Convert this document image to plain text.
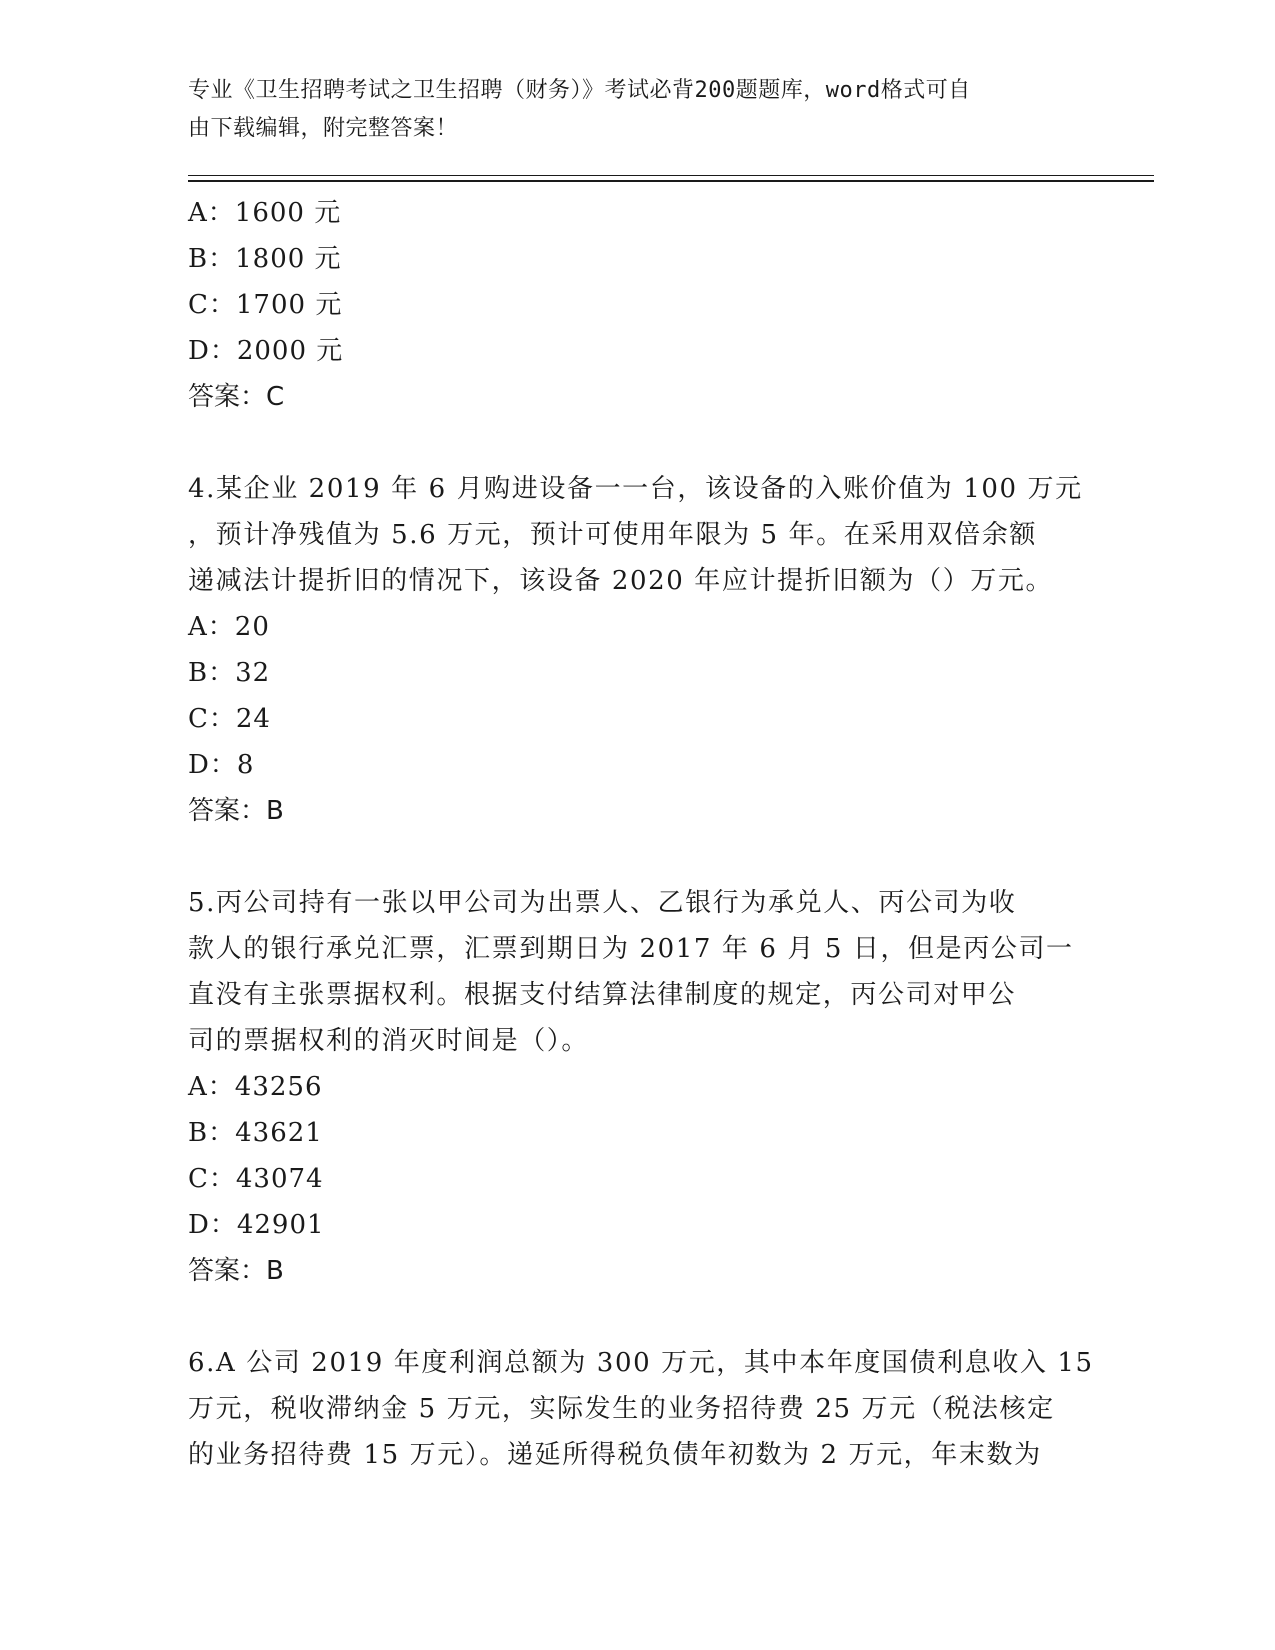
专业《卫生招聘考试之卫生招聘（财务）》考试必背200题题库，word格式可自
由下载编辑，附完整答案！
A：1600 元
B：1800 元
C：1700 元
D：2000 元
答案：C
4.某企业 2019 年 6 月购进设备一一台，该设备的入账价值为 100 万元
，预计净残值为 5.6 万元，预计可使用年限为 5 年。在采用双倍余额
递减法计提折旧的情况下，该设备 2020 年应计提折旧额为（）万元。
A：20
B：32
C：24
D：8
答案：B
5.丙公司持有一张以甲公司为出票人、乙银行为承兑人、丙公司为收
款人的银行承兑汇票，汇票到期日为 2017 年 6 月 5 日，但是丙公司一
直没有主张票据权利。根据支付结算法律制度的规定，丙公司对甲公
司的票据权利的消灭时间是（）。
A：43256
B：43621
C：43074
D：42901
答案：B
6.A 公司 2019 年度利润总额为 300 万元，其中本年度国债利息收入 15
万元，税收滞纳金 5 万元，实际发生的业务招待费 25 万元（税法核定
的业务招待费 15 万元）。递延所得税负债年初数为 2 万元，年末数为
